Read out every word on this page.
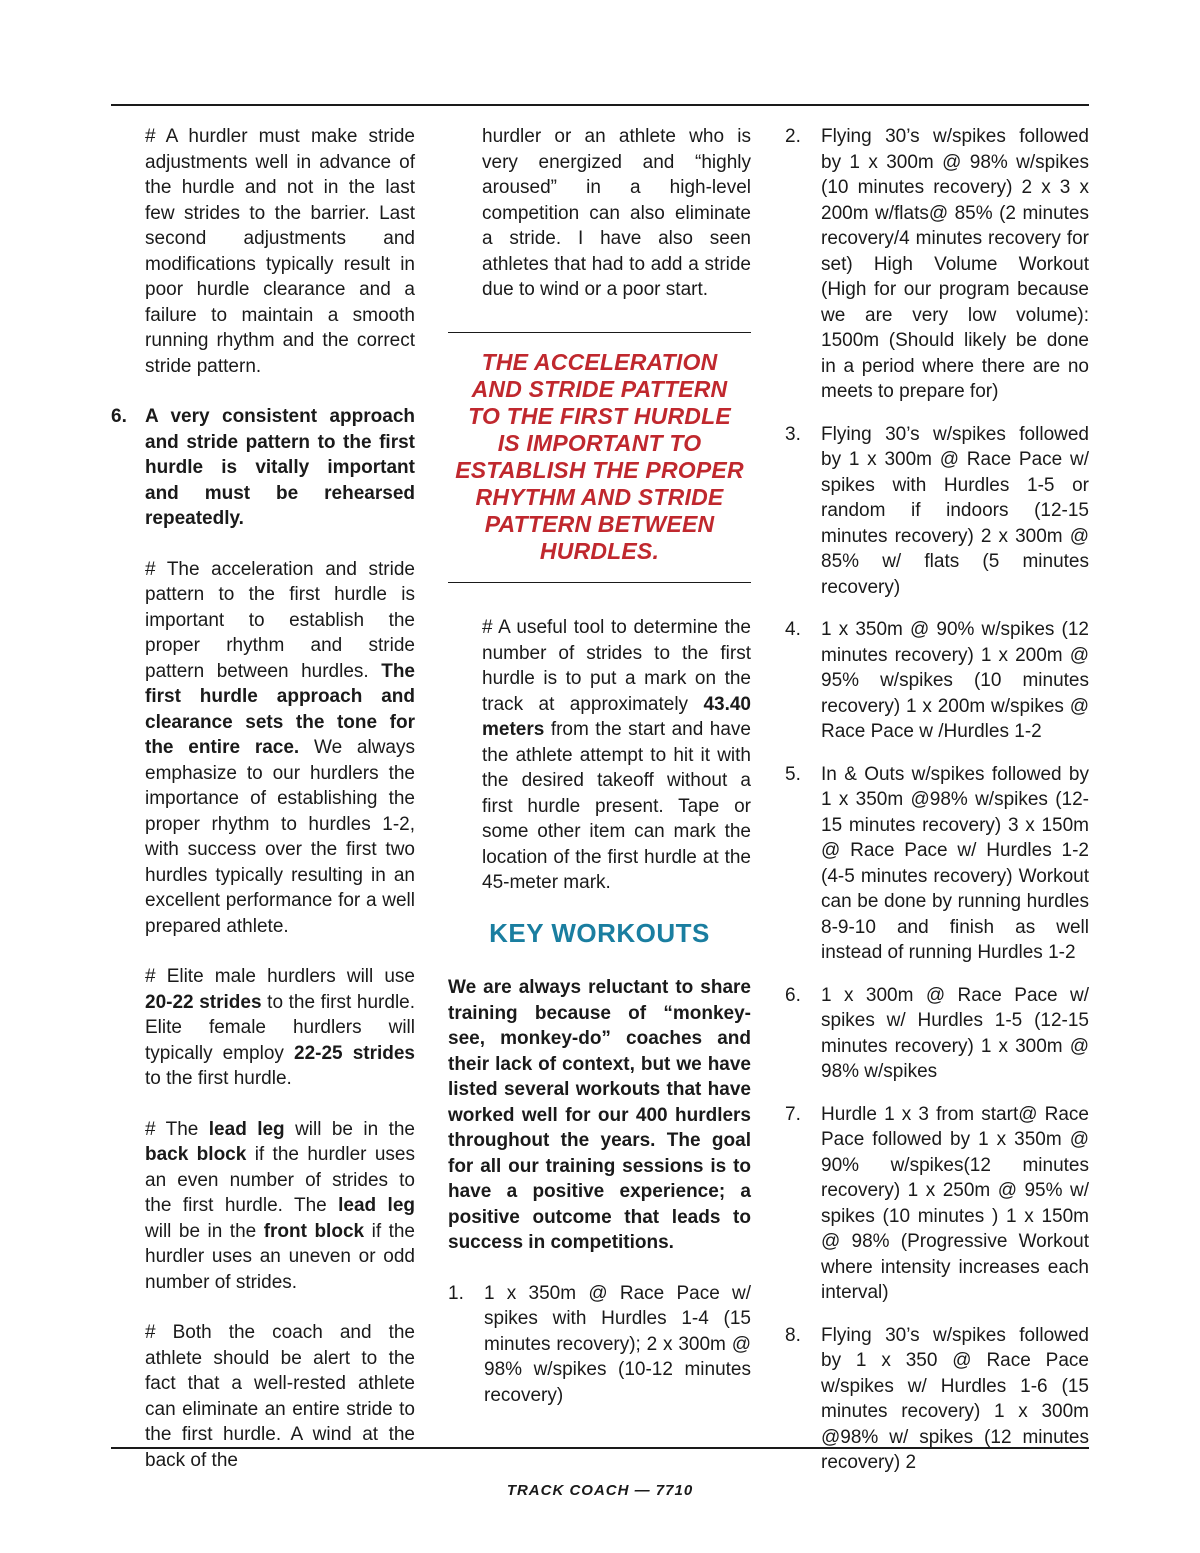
# A hurdler must make stride adjustments well in advance of the hurdle and not in the last few strides to the barrier. Last second adjustments and modifications typically result in poor hurdle clearance and a failure to maintain a smooth running rhythm and the correct stride pattern.

6. A very consistent approach and stride pattern to the first hurdle is vitally important and must be rehearsed repeatedly.

# The acceleration and stride pattern to the first hurdle is important to establish the proper rhythm and stride pattern between hurdles. The first hurdle approach and clearance sets the tone for the entire race. We always emphasize to our hurdlers the importance of establishing the proper rhythm to hurdles 1-2, with success over the first two hurdles typically resulting in an excellent performance for a well prepared athlete.

# Elite male hurdlers will use 20-22 strides to the first hurdle. Elite female hurdlers will typically employ 22-25 strides to the first hurdle.

# The lead leg will be in the back block if the hurdler uses an even number of strides to the first hurdle. The lead leg will be in the front block if the hurdler uses an uneven or odd number of strides.

# Both the coach and the athlete should be alert to the fact that a well-rested athlete can eliminate an entire stride to the first hurdle. A wind at the back of the

hurdler or an athlete who is very energized and “highly aroused” in a high-level competition can also eliminate a stride. I have also seen athletes that had to add a stride due to wind or a poor start.

THE ACCELERATION
AND STRIDE PATTERN
TO THE FIRST HURDLE
IS IMPORTANT TO
ESTABLISH THE PROPER
RHYTHM AND STRIDE
PATTERN BETWEEN
HURDLES.

# A useful tool to determine the number of strides to the first hurdle is to put a mark on the track at approximately 43.40 meters from the start and have the athlete attempt to hit it with the desired takeoff without a first hurdle present. Tape or some other item can mark the location of the first hurdle at the 45-meter mark.

KEY WORKOUTS

We are always reluctant to share training because of “monkey-see, monkey-do” coaches and their lack of context, but we have listed several workouts that have worked well for our 400 hurdlers throughout the years. The goal for all our training sessions is to have a positive experience; a positive outcome that leads to success in competitions.

1.	1 x 350m @ Race Pace w/ spikes with Hurdles 1-4 (15 minutes recovery); 2 x 300m @ 98% w/spikes (10-12 minutes recovery)
2.	Flying 30’s w/spikes followed by 1 x 300m @ 98% w/spikes (10 minutes recovery) 2 x 3 x 200m w/flats@ 85% (2 minutes recovery/4 minutes recovery for set) High Volume Workout (High for our program because we are very low volume): 1500m (Should likely be done in a period where there are no meets to prepare for)
3.	Flying 30’s w/spikes followed by 1 x 300m @ Race Pace w/ spikes with Hurdles 1-5 or random if indoors (12-15 minutes recovery) 2 x 300m @ 85% w/ flats (5 minutes recovery)
4.	1 x 350m @ 90% w/spikes (12 minutes recovery) 1 x 200m @ 95% w/spikes (10 minutes recovery) 1 x 200m w/spikes @ Race Pace w /Hurdles 1-2
5.	In & Outs w/spikes followed by 1 x 350m @98% w/spikes (12-15 minutes recovery) 3 x 150m @ Race Pace w/ Hurdles 1-2 (4-5 minutes recovery) Workout can be done by running hurdles 8-9-10 and finish as well instead of running Hurdles 1-2
6.	1 x 300m @ Race Pace w/ spikes w/ Hurdles 1-5 (12-15 minutes recovery) 1 x 300m @ 98% w/spikes
7.	Hurdle 1 x 3 from start@ Race Pace followed by 1 x 350m @ 90% w/spikes(12 minutes recovery) 1 x 250m @ 95% w/ spikes (10 minutes ) 1 x 150m @ 98% (Progressive Workout where intensity increases each interval)
8.	Flying 30’s w/spikes followed by 1 x 350 @ Race Pace w/spikes w/ Hurdles 1-6 (15 minutes recovery) 1 x 300m @98% w/ spikes (12 minutes recovery) 2
TRACK COACH — 7710
